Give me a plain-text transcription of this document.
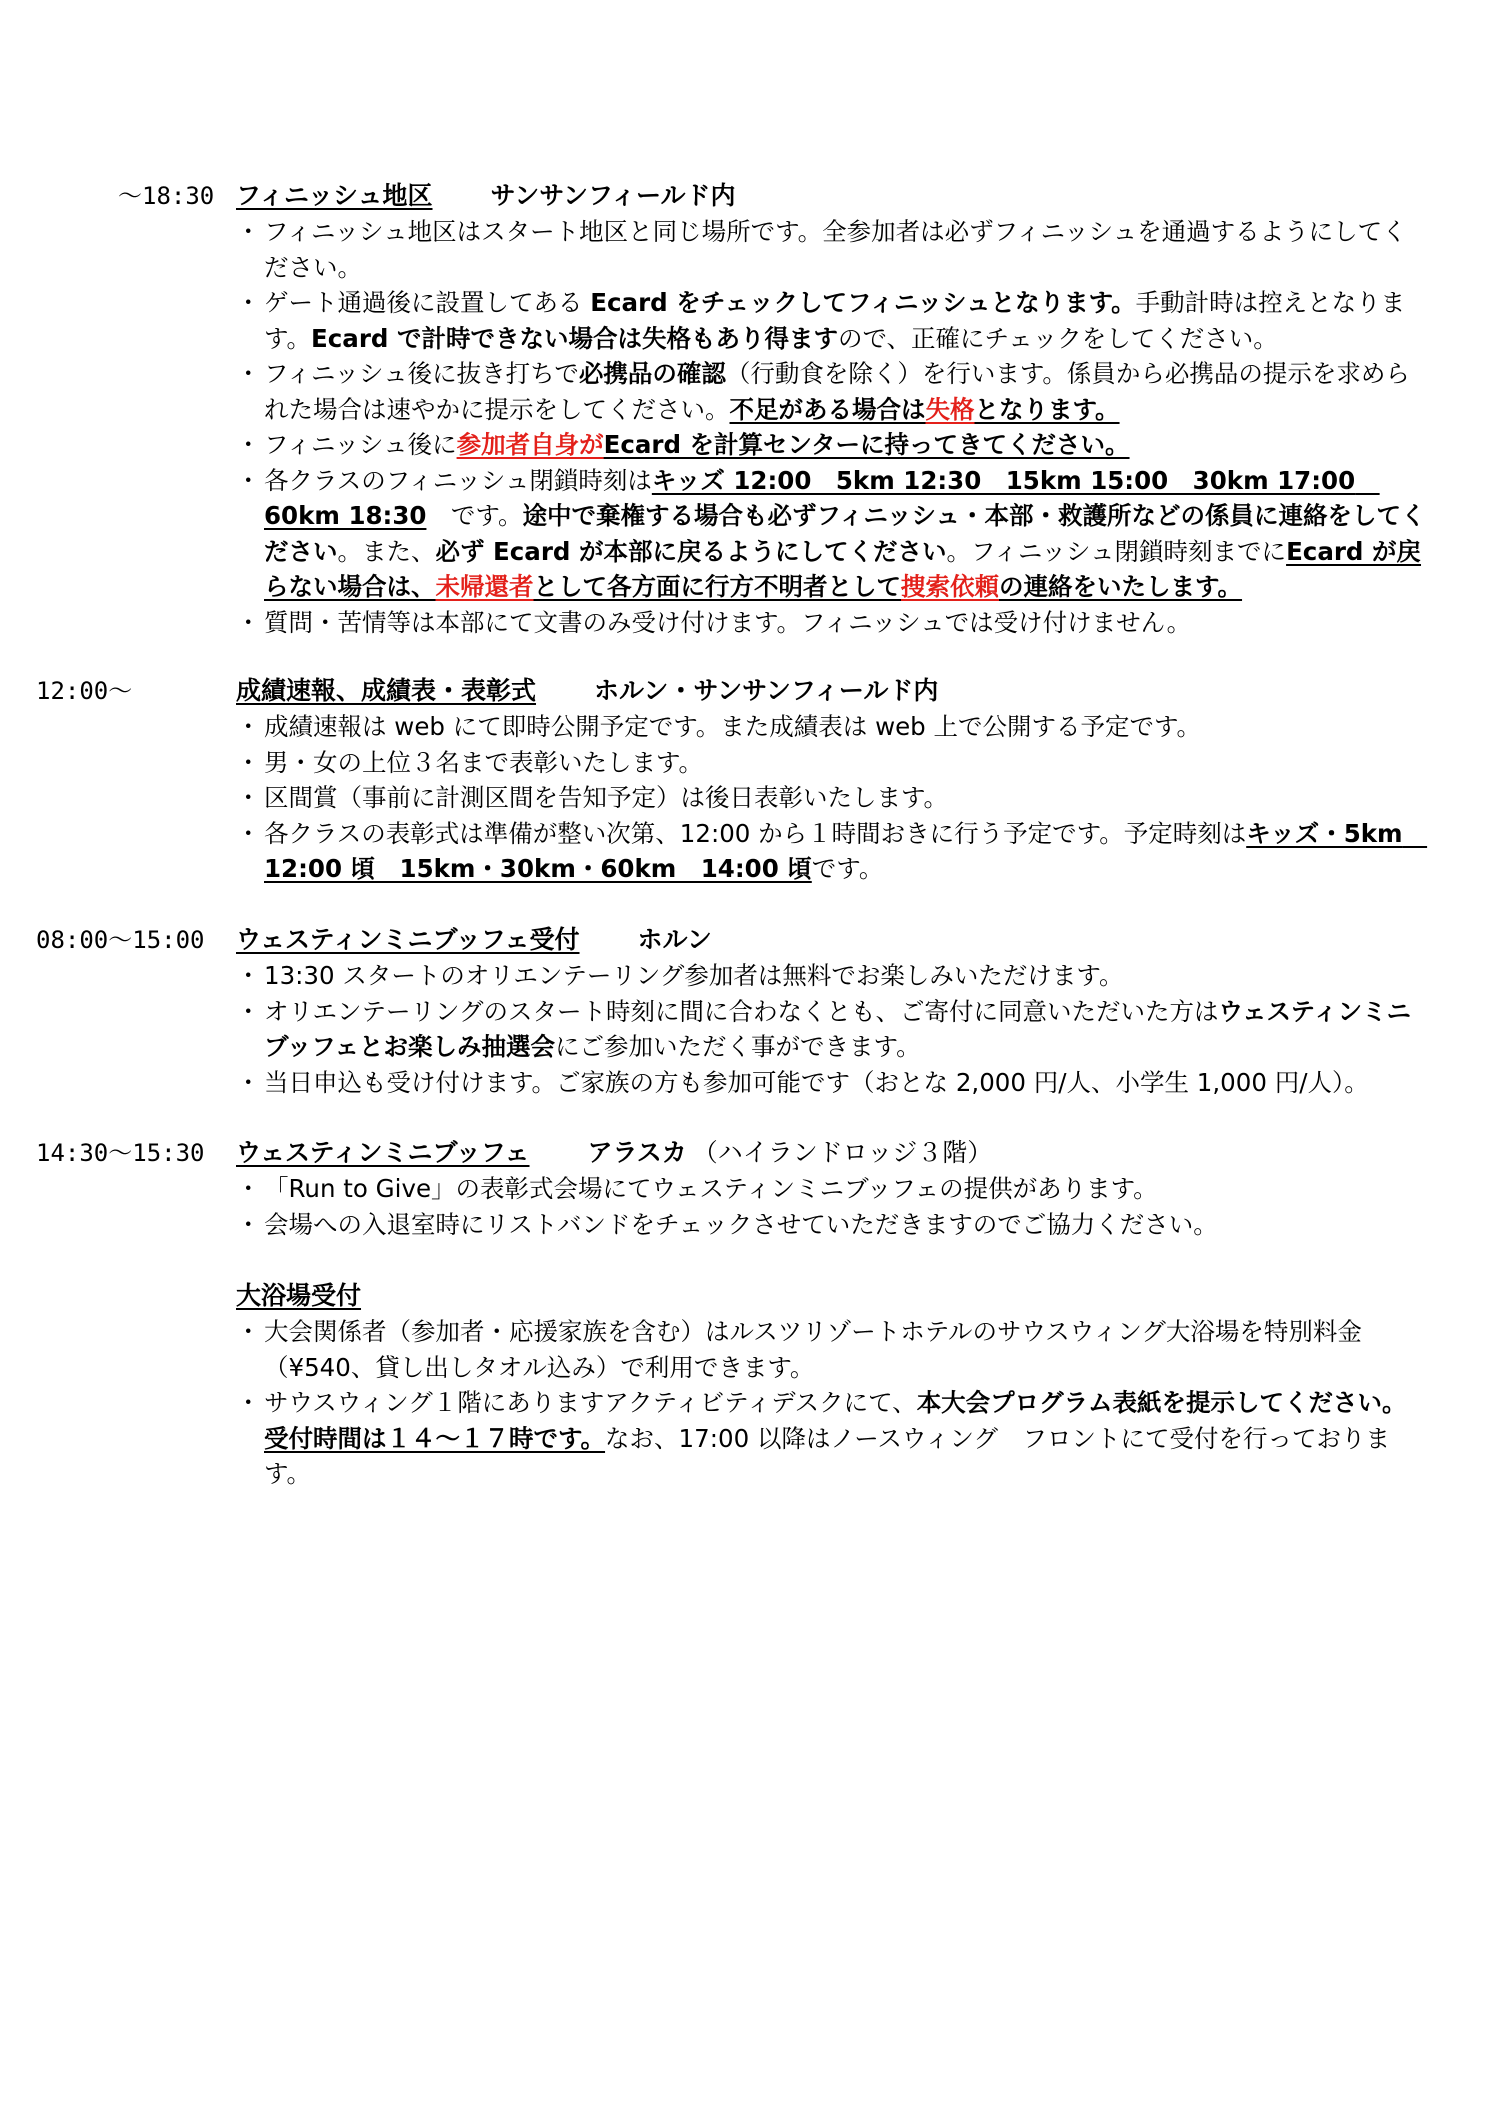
～18:30 フィニッシュ地区 サンサンフィールド内
・ フィニッシュ地区はスタート地区と同じ場所です。全参加者は必ずフィニッシュを通過するようにしてください。
・ ゲート通過後に設置してある Ecard をチェックしてフィニッシュとなります。手動計時は控えとなります。Ecard で計時できない場合は失格もあり得ますので、正確にチェックをしてください。
・ フィニッシュ後に抜き打ちで必携品の確認（行動食を除く）を行います。係員から必携品の提示を求められた場合は速やかに提示をしてください。不足がある場合は失格となります。
・ フィニッシュ後に参加者自身がEcard を計算センターに持ってきてください。
・ 各クラスのフィニッシュ閉鎖時刻はキッズ 12:00　5km 12:30　15km 15:00　30km 17:00　60km 18:30　です。途中で棄権する場合も必ずフィニッシュ・本部・救護所などの係員に連絡をしてください。また、必ず Ecard が本部に戻るようにしてください。フィニッシュ閉鎖時刻までにEcard が戻らない場合は、未帰還者として各方面に行方不明者として捜索依頼の連絡をいたします。
・ 質問・苦情等は本部にて文書のみ受け付けます。フィニッシュでは受け付けません。
12:00～	成績速報、成績表・表彰式 ホルン・サンサンフィールド内
・ 成績速報は web にて即時公開予定です。また成績表は web 上で公開する予定です。
・ 男・女の上位３名まで表彰いたします。
・ 区間賞（事前に計測区間を告知予定）は後日表彰いたします。
・ 各クラスの表彰式は準備が整い次第、12:00 から１時間おきに行う予定です。予定時刻はキッズ・5km　12:00 頃　15km・30km・60km　14:00 頃です。
08:00～15:00 ウェスティンミニブッフェ受付 ホルン
・ 13:30 スタートのオリエンテーリング参加者は無料でお楽しみいただけます。
・ オリエンテーリングのスタート時刻に間に合わなくとも、ご寄付に同意いただいた方はウェスティンミニブッフェとお楽しみ抽選会にご参加いただく事ができます。
・ 当日申込も受け付けます。ご家族の方も参加可能です（おとな 2,000 円/人、小学生 1,000 円/人）。
14:30～15:30 ウェスティンミニブッフェ アラスカ （ハイランドロッジ３階）
・ 「Run to Give」の表彰式会場にてウェスティンミニブッフェの提供があります。
・ 会場への入退室時にリストバンドをチェックさせていただきますのでご協力ください。
大浴場受付
・ 大会関係者（参加者・応援家族を含む）はルスツリゾートホテルのサウスウィング大浴場を特別料金（¥540、貸し出しタオル込み）で利用できます。
・ サウスウィング１階にありますアクティビティデスクにて、本大会プログラム表紙を提示してください。受付時間は１４～１７時です。なお、17:00 以降はノースウィング　フロントにて受付を行っております。
